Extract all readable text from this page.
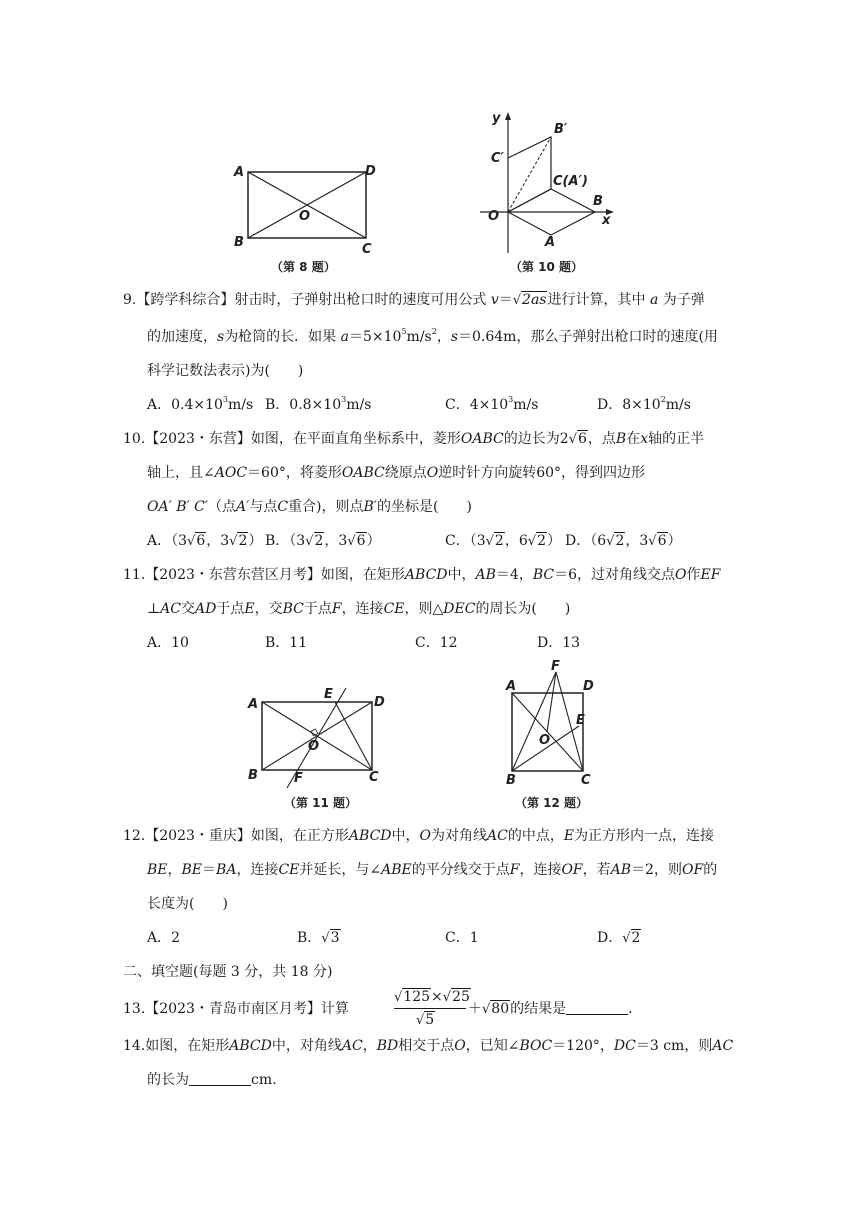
A
B	C
D
O
（第 8 题）
y
x
O
A
B
B′
C′
C(A′)
（第 10 题）
9.【跨学科综合】射击时，子弹射出枪口时的速度可用公式 v＝√2as进行计算，其中 a 为子弹
的加速度，s为枪筒的长．如果 $a=5\times 10^5m/s^2$，s＝0.64m，那么子弹射出枪口时的速度(用
科学记数法表示)为(　　)
A．$0.4\times 10^3m/s$ B．$0.8\times 10^3m/s$	C．$4\times 10^3m/s$	D．$8\times 10^2m/s$
10.【2023・东营】如图，在平面直角坐标系中，菱形OABC的边长为2√6，点B在x轴的正半
轴上，且∠AOC＝60°，将菱形OABC绕原点O逆时针方向旋转60°，得到四边形
OA′ B′ C′（点A′与点C重合)，则点B′的坐标是(　　)
A．（3√6，3√2） B．（3√2，3√6）	C．（3√2，6√2） D．（6√2，3√6）
11.【2023・东营东营区月考】如图，在矩形ABCD中，AB＝4，BC＝6，过对角线交点O作EF
⊥AC交AD于点E，交BC于点F，连接CE，则△DEC的周长为(　　)
A．10	B．11	C．12	D．13
A
B	C
D
E
F
O
（第 11 题）
F
A	D
E
O
B	C
（第 12 题）
12.【2023・重庆】如图，在正方形ABCD中，O为对角线AC的中点，E为正方形内一点，连接
BE，BE＝BA，连接CE并延长，与∠ABE的平分线交于点F，连接OF，若AB＝2，则OF的
长度为(　　)
A．2	B．√3	C．1	D．√2
二、填空题(每题 3 分，共 18 分)
13.【2023・青岛市南区月考】计算
√125×√25
√5
＋√80的结果是	.
14.如图，在矩形ABCD中，对角线AC，BD相交于点O，已知∠BOC＝120°，DC＝3 cm，则AC
的长为	cm.
